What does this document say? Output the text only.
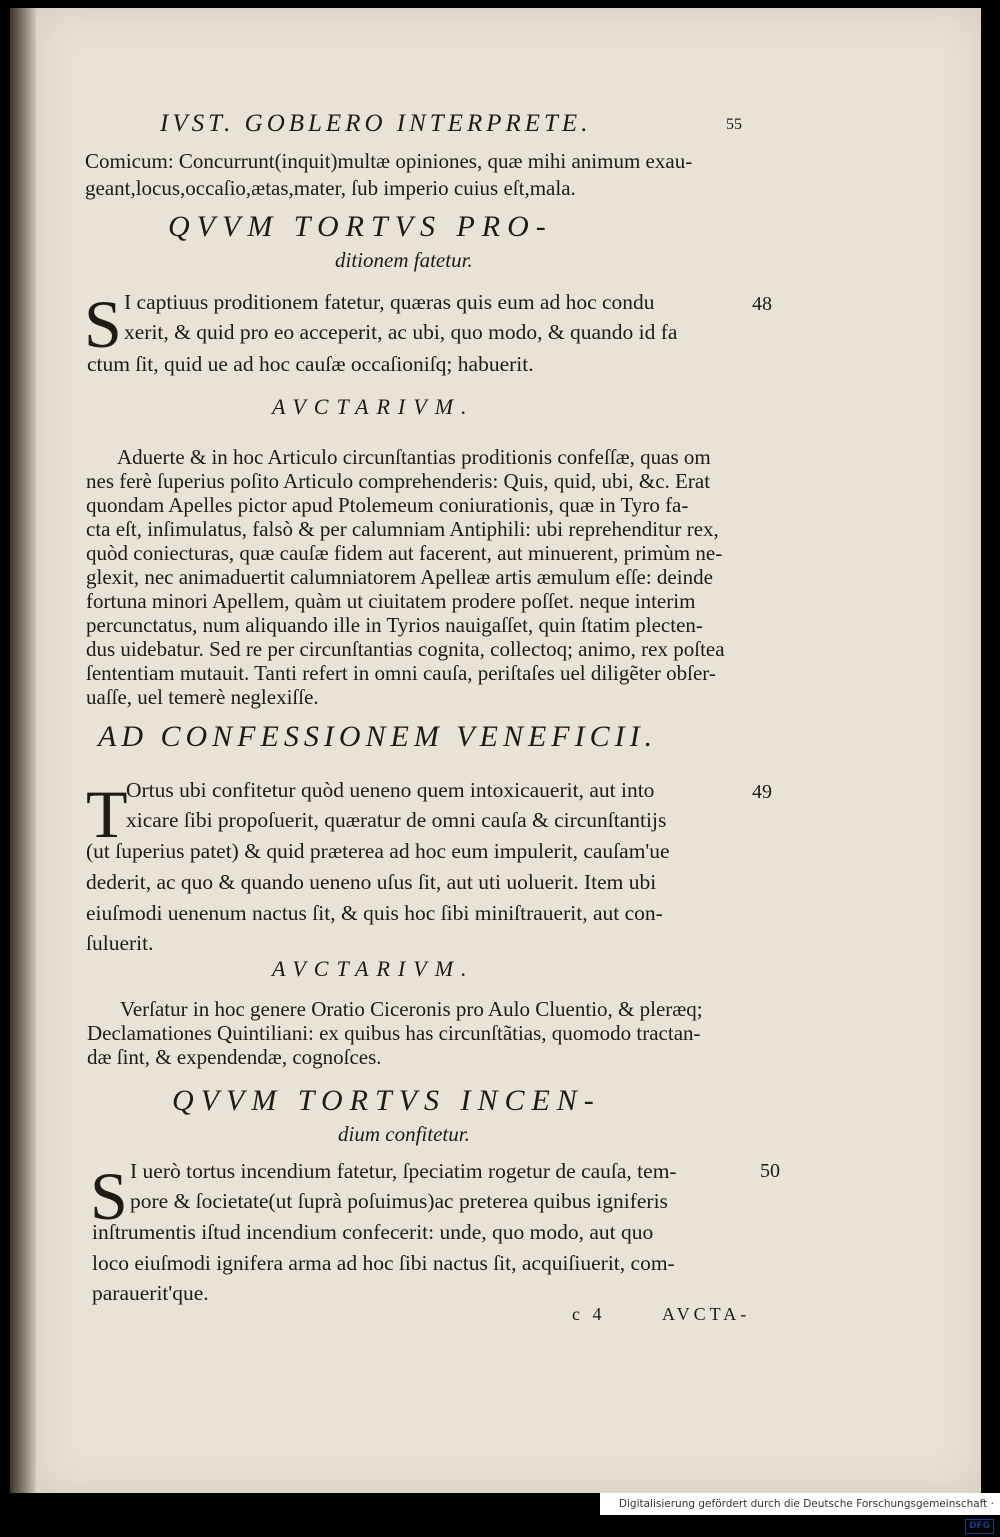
IVST. GOBLERO INTERPRETE.	55
Comicum: Concurrunt(inquit)multæ opiniones, quæ mihi animum exau-
geant,locus,occaſio,ætas,mater, ſub imperio cuius eſt,mala.
QVVM TORTVS PRO-
ditionem fatetur.
S I captiuus proditionem fatetur, quæras quis eum ad hoc condu
xerit, & quid pro eo acceperit, ac ubi, quo modo, & quando id fa
ctum ſit, quid ue ad hoc cauſæ occaſioniſq; habuerit.
48
AVCTARIVM.
Aduerte & in hoc Articulo circunſtantias proditionis confeſſæ, quas om
nes ferè ſuperius poſito Articulo comprehenderis: Quis, quid, ubi, &c. Erat
quondam Apelles pictor apud Ptolemeum coniurationis, quæ in Tyro fa-
cta eſt, inſimulatus, falsò & per calumniam Antiphili: ubi reprehenditur rex,
quòd coniecturas, quæ cauſæ fidem aut facerent, aut minuerent, primùm ne-
glexit, nec animaduertit calumniatorem Apelleæ artis æmulum eſſe: deinde
fortuna minori Apellem, quàm ut ciuitatem prodere poſſet. neque interim
percunctatus, num aliquando ille in Tyrios nauigaſſet, quin ſtatim plecten-
dus uidebatur. Sed re per circunſtantias cognita, collectoq; animo, rex poſtea
ſententiam mutauit. Tanti refert in omni cauſa, periſtaſes uel diligẽter obſer-
uaſſe, uel temerè neglexiſſe.
AD CONFESSIONEM VENEFICII.
T
Ortus ubi confitetur quòd ueneno quem intoxicauerit, aut into
xicare ſibi propoſuerit, quæratur de omni cauſa & circunſtantijs
(ut ſuperius patet) & quid præterea ad hoc eum impulerit, cauſam'ue
dederit, ac quo & quando ueneno uſus ſit, aut uti uoluerit. Item ubi
eiuſmodi uenenum nactus ſit, & quis hoc ſibi miniſtrauerit, aut con-
ſuluerit.
49
AVCTARIVM.
Verſatur in hoc genere Oratio Ciceronis pro Aulo Cluentio, & pleræq;
Declamationes Quintiliani: ex quibus has circunſtãtias, quomodo tractan-
dæ ſint, & expendendæ, cognoſces.
QVVM TORTVS INCEN-
dium confitetur.
S I uerò tortus incendium fatetur, ſpeciatim rogetur de cauſa, tem-
pore & ſocietate(ut ſuprà poſuimus)ac preterea quibus igniferis
inſtrumentis iſtud incendium confecerit: unde, quo modo, aut quo
loco eiuſmodi ignifera arma ad hoc ſibi nactus ſit, acquiſiuerit, com-
parauerit'que.
50
c 4	AVCTA-
Digitalisierung gefördert durch die Deutsche Forschungsgemeinschaft · DFG
